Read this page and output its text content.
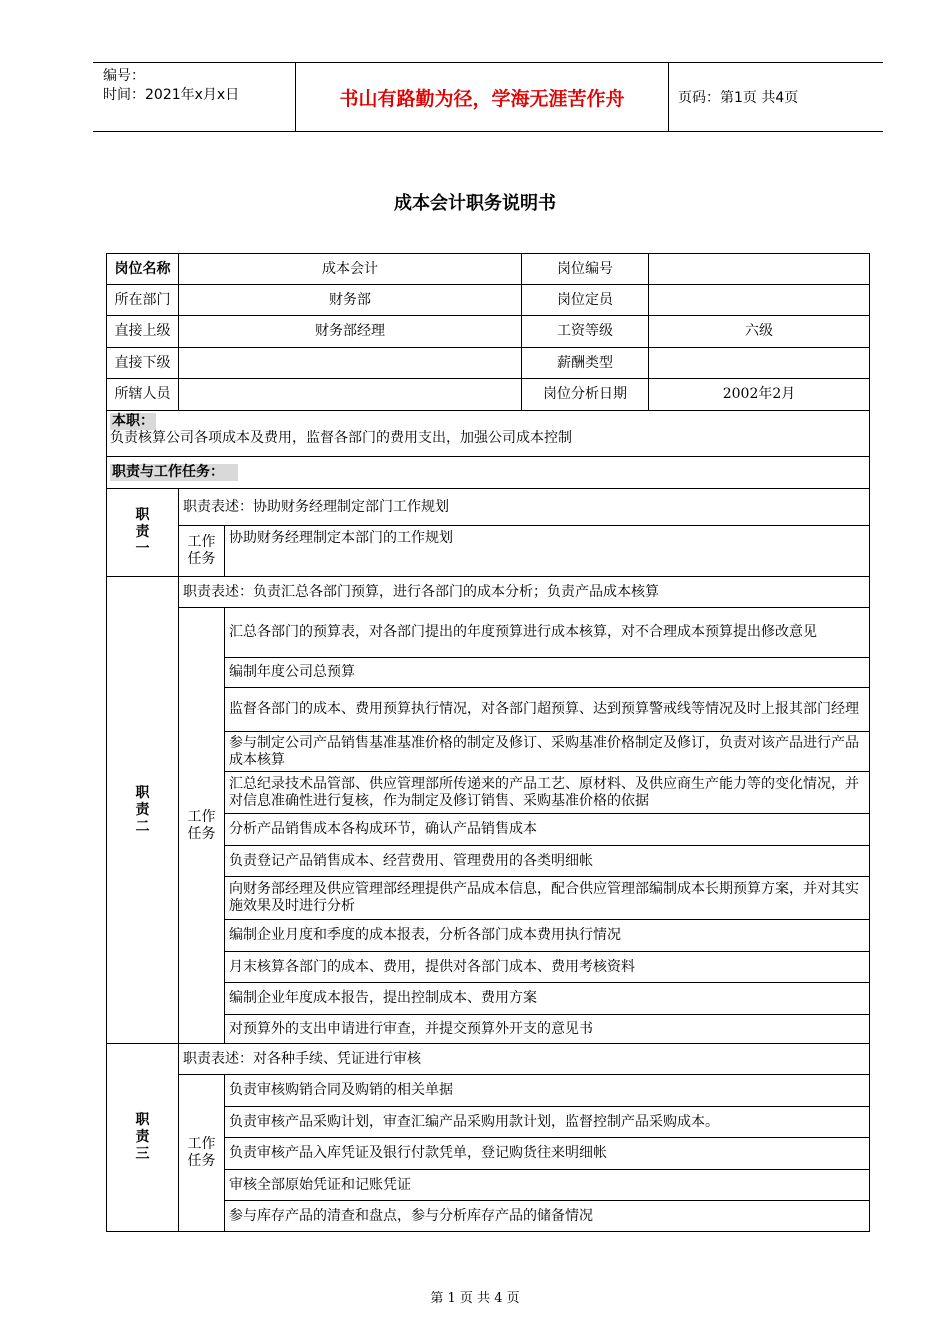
编号：
时间：2021年x月x日	书山有路勤为径，学海无涯苦作舟	页码：第1页 共4页
成本会计职务说明书
岗位名称	成本会计		岗位编号	
所在部门	财务部		岗位定员	
直接上级	财务部经理		工资等级	六级
直接下级			薪酬类型	
所辖人员			岗位分析日期	2002年2月
本职：
负责核算公司各项成本及费用，监督各部门的费用支出，加强公司成本控制				
职责与工作任务：				

职责一	职责表述：协助财务经理制定部门工作规划			
	工作任务	协助财务经理制定本部门的工作规划		

职责二	职责表述：负责汇总各部门预算，进行各部门的成本分析；负责产品成本核算			

	工作任务	汇总各部门的预算表，对各部门提出的年度预算进行成本核算，对不合理成本预算提出修改意见		
		编制年度公司总预算		
		监督各部门的成本、费用预算执行情况，对各部门超预算、达到预算警戒线等情况及时上报其部门经理		
		参与制定公司产品销售基准基准价格的制定及修订、采购基准价格制定及修订，负责对该产品进行产品成本核算		
		汇总纪录技术品管部、供应管理部所传递来的产品工艺、原材料、及供应商生产能力等的变化情况，并对信息准确性进行复核，作为制定及修订销售、采购基准价格的依据		
		分析产品销售成本各构成环节，确认产品销售成本		
		负责登记产品销售成本、经营费用、管理费用的各类明细帐		
		向财务部经理及供应管理部经理提供产品成本信息，配合供应管理部编制成本长期预算方案，并对其实施效果及时进行分析		
		编制企业月度和季度的成本报表，分析各部门成本费用执行情况		
		月末核算各部门的成本、费用，提供对各部门成本、费用考核资料		
		编制企业年度成本报告，提出控制成本、费用方案		
		对预算外的支出申请进行审查，并提交预算外开支的意见书		

职责三	职责表述：对各种手续、凭证进行审核			

	工作任务	负责审核购销合同及购销的相关单据		
		负责审核产品采购计划，审查汇编产品采购用款计划，监督控制产品采购成本。		
		负责审核产品入库凭证及银行付款凭单，登记购货往来明细帐		
		审核全部原始凭证和记账凭证		
		参与库存产品的清查和盘点，参与分析库存产品的储备情况		
第 1 页 共 4 页
